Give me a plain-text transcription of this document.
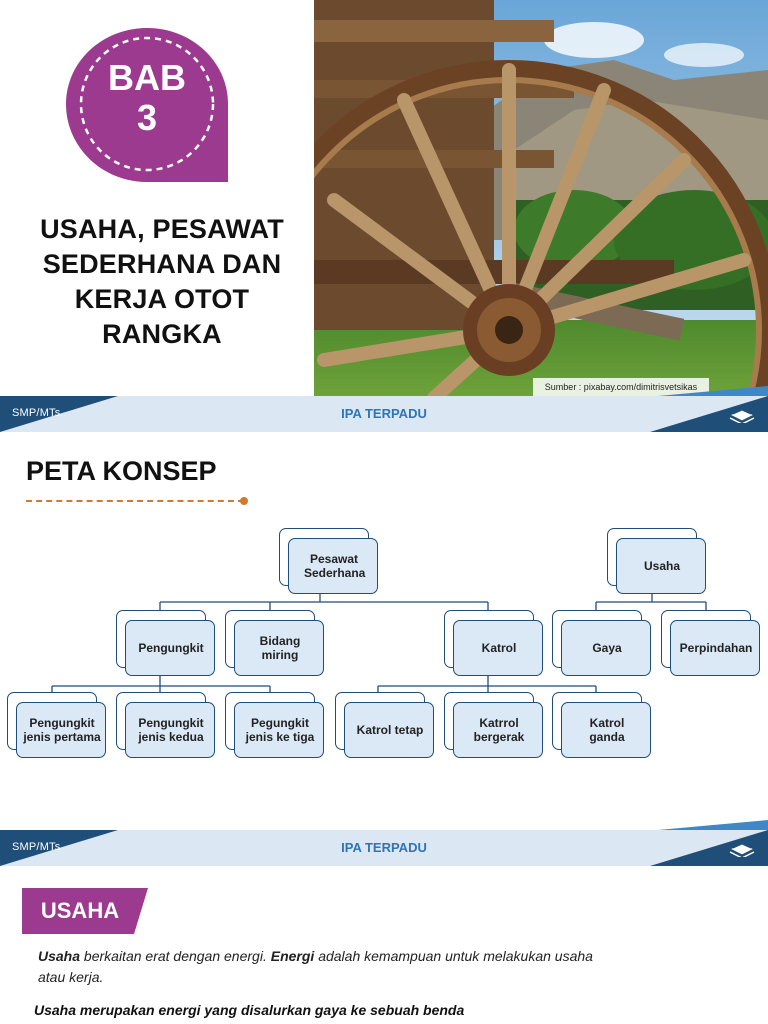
BAB
3
USAHA, PESAWAT
SEDERHANA DAN
KERJA OTOT
RANGKA
Sumber : pixabay.com/dimitrisvetsikas
SMP/MTs	IPA TERPADU
PETA KONSEP
Pesawat Sederhana	Usaha
Pengungkit	Bidang miring	Katrol	Gaya	Perpindahan
Pengungkit jenis pertama
Pengungkit jenis kedua
Pegungkit jenis ke tiga	Katrol tetap	Katrrol bergerak
Katrol ganda
SMP/MTs	IPA TERPADU
USAHA
Usaha berkaitan erat dengan energi. Energi adalah kemampuan untuk melakukan usaha atau kerja.
Usaha merupakan energi yang disalurkan gaya ke sebuah benda
